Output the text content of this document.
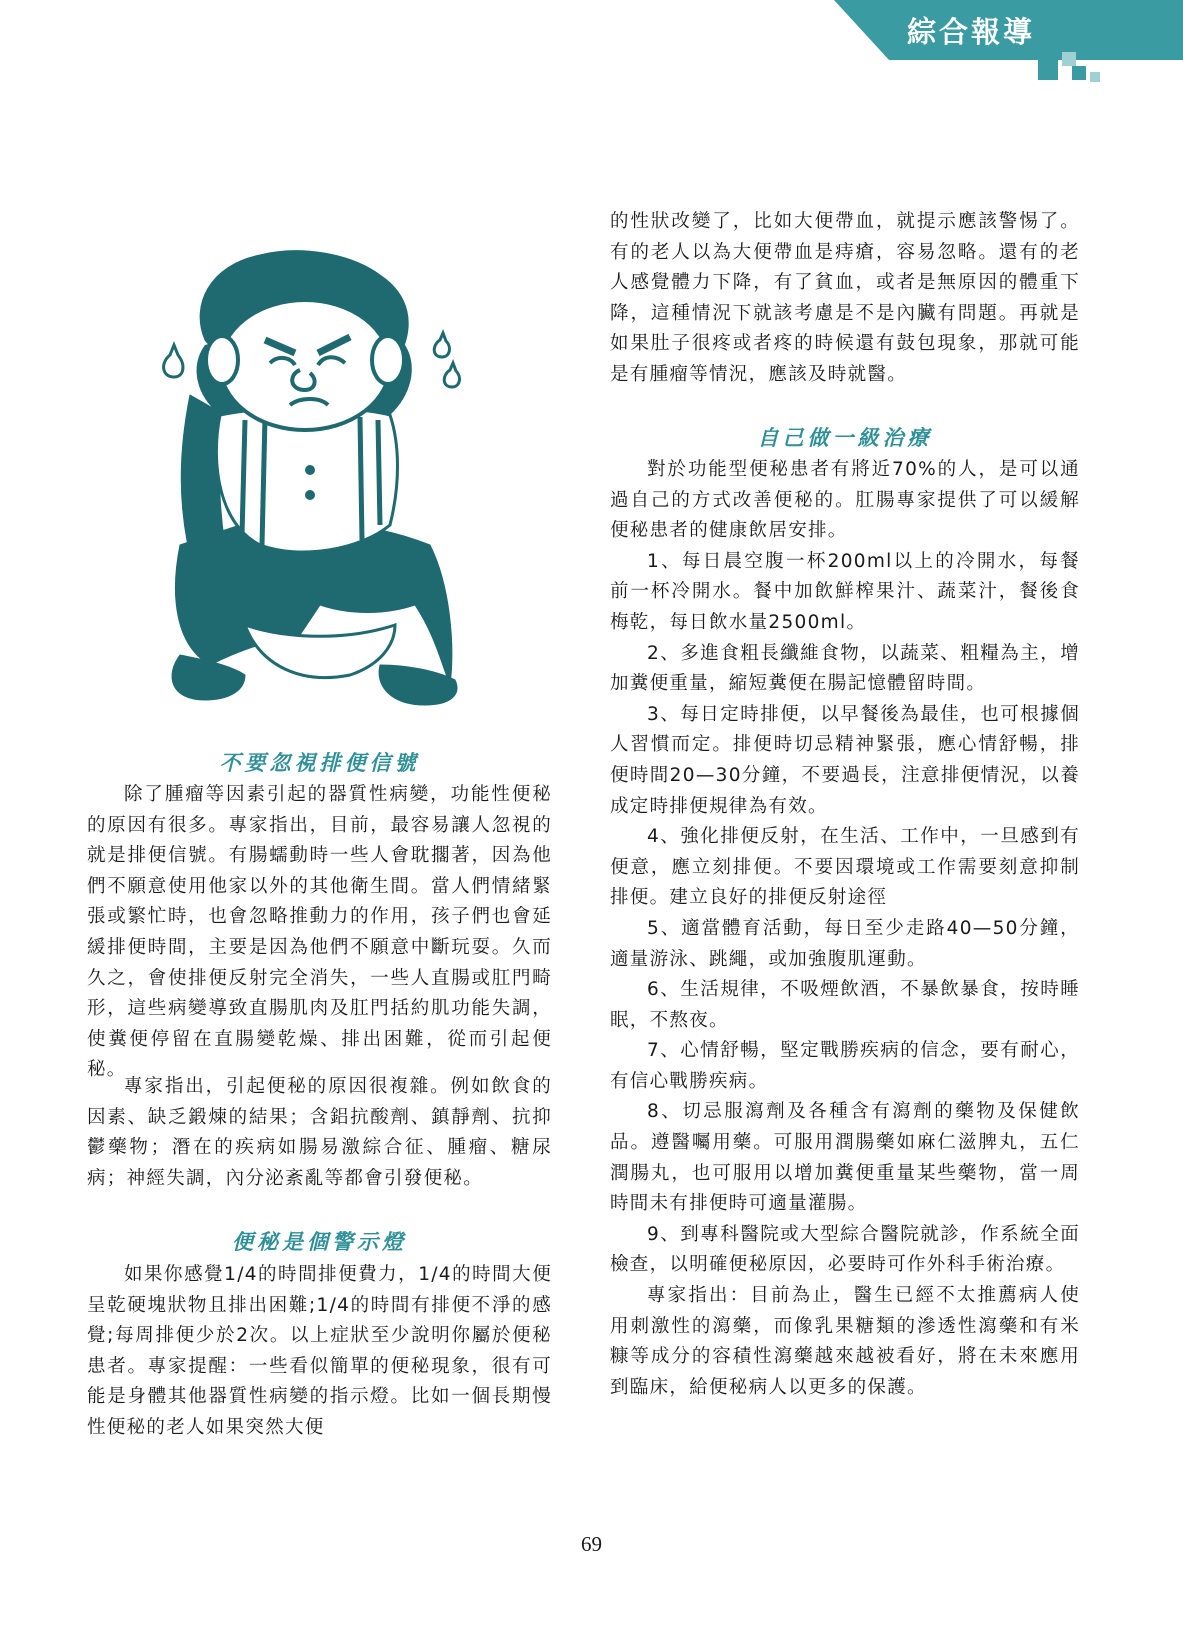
綜合報導
不要忽視排便信號

除了腫瘤等因素引起的器質性病變，功能性便秘的原因有很多。專家指出，目前，最容易讓人忽視的就是排便信號。有腸蠕動時一些人會耽擱著，因為他們不願意使用他家以外的其他衛生間。當人們情緒緊張或繁忙時，也會忽略推動力的作用，孩子們也會延緩排便時間，主要是因為他們不願意中斷玩耍。久而久之，會使排便反射完全消失，一些人直腸或肛門畸形，這些病變導致直腸肌肉及肛門括約肌功能失調，使糞便停留在直腸變乾燥、排出困難，從而引起便秘。

專家指出，引起便秘的原因很複雜。例如飲食的因素、缺乏鍛煉的結果；含鋁抗酸劑、鎮靜劑、抗抑鬱藥物；潛在的疾病如腸易激綜合征、腫瘤、糖尿病；神經失調，內分泌紊亂等都會引發便秘。

便秘是個警示燈

如果你感覺1/4的時間排便費力，1/4的時間大便呈乾硬塊狀物且排出困難;1/4的時間有排便不淨的感覺;每周排便少於2次。以上症狀至少說明你屬於便秘患者。專家提醒：一些看似簡單的便秘現象，很有可能是身體其他器質性病變的指示燈。比如一個長期慢性便秘的老人如果突然大便

的性狀改變了，比如大便帶血，就提示應該警惕了。有的老人以為大便帶血是痔瘡，容易忽略。還有的老人感覺體力下降，有了貧血，或者是無原因的體重下降，這種情況下就該考慮是不是內臟有問題。再就是如果肚子很疼或者疼的時候還有鼓包現象，那就可能是有腫瘤等情況，應該及時就醫。

自己做一級治療

對於功能型便秘患者有將近70%的人，是可以通過自己的方式改善便秘的。肛腸專家提供了可以緩解便秘患者的健康飲居安排。

1、每日晨空腹一杯200ml以上的冷開水，每餐前一杯冷開水。餐中加飲鮮榨果汁、蔬菜汁，餐後食梅乾，每日飲水量2500ml。

2、多進食粗長纖維食物，以蔬菜、粗糧為主，增加糞便重量，縮短糞便在腸記憶體留時間。

3、每日定時排便，以早餐後為最佳，也可根據個人習慣而定。排便時切忌精神緊張，應心情舒暢，排便時間20—30分鐘，不要過長，注意排便情況，以養成定時排便規律為有效。

4、強化排便反射，在生活、工作中，一旦感到有便意，應立刻排便。不要因環境或工作需要刻意抑制排便。建立良好的排便反射途徑

5、適當體育活動，每日至少走路40—50分鐘，適量游泳、跳繩，或加強腹肌運動。

6、生活規律，不吸煙飲酒，不暴飲暴食，按時睡眠，不熬夜。

7、心情舒暢，堅定戰勝疾病的信念，要有耐心，有信心戰勝疾病。

8、切忌服瀉劑及各種含有瀉劑的藥物及保健飲品。遵醫囑用藥。可服用潤腸藥如麻仁滋脾丸，五仁潤腸丸，也可服用以增加糞便重量某些藥物，當一周時間未有排便時可適量灌腸。

9、到專科醫院或大型綜合醫院就診，作系統全面檢查，以明確便秘原因，必要時可作外科手術治療。

專家指出：目前為止，醫生已經不太推薦病人使用刺激性的瀉藥，而像乳果糖類的滲透性瀉藥和有米糠等成分的容積性瀉藥越來越被看好，將在未來應用到臨床，給便秘病人以更多的保護。

69
